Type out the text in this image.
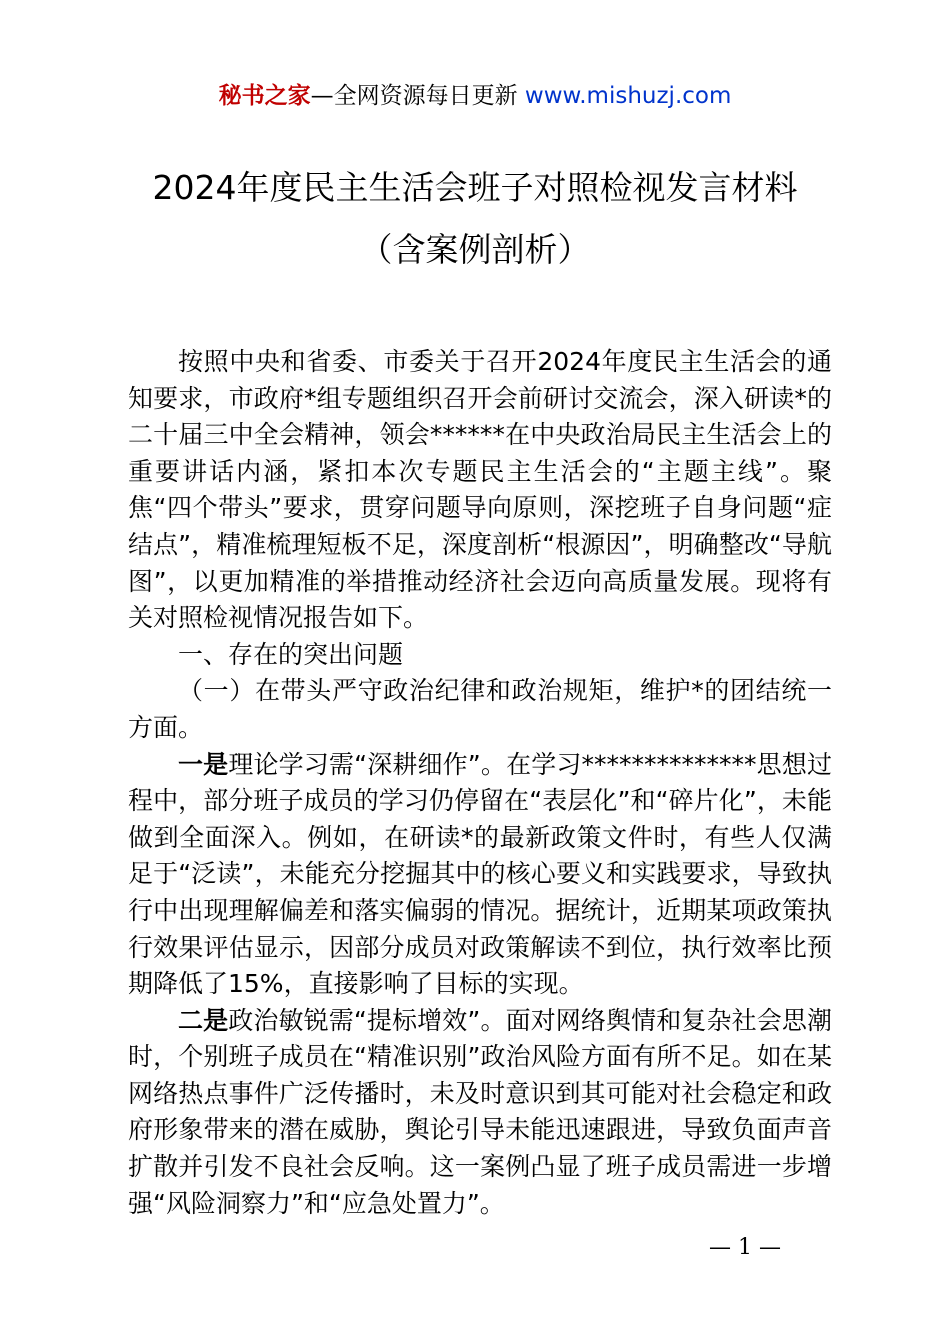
秘书之家—全网资源每日更新 www.mishuzj.com
2024年度民主生活会班子对照检视发言材料
（含案例剖析）

按照中央和省委、市委关于召开2024年度民主生活会的通知要求，市政府*组专题组织召开会前研讨交流会，深入研读*的二十届三中全会精神，领会******在中央政治局民主生活会上的重要讲话内涵，紧扣本次专题民主生活会的“主题主线”。聚焦“四个带头”要求，贯穿问题导向原则，深挖班子自身问题“症结点”，精准梳理短板不足，深度剖析“根源因”，明确整改“导航图”，以更加精准的举措推动经济社会迈向高质量发展。现将有关对照检视情况报告如下。

一、存在的突出问题

（一）在带头严守政治纪律和政治规矩，维护*的团结统一方面。

一是理论学习需“深耕细作”。在学习**************思想过程中，部分班子成员的学习仍停留在“表层化”和“碎片化”，未能做到全面深入。例如，在研读*的最新政策文件时，有些人仅满足于“泛读”，未能充分挖掘其中的核心要义和实践要求，导致执行中出现理解偏差和落实偏弱的情况。据统计，近期某项政策执行效果评估显示，因部分成员对政策解读不到位，执行效率比预期降低了15%，直接影响了目标的实现。

二是政治敏锐需“提标增效”。面对网络舆情和复杂社会思潮时，个别班子成员在“精准识别”政治风险方面有所不足。如在某网络热点事件广泛传播时，未及时意识到其可能对社会稳定和政府形象带来的潜在威胁，舆论引导未能迅速跟进，导致负面声音扩散并引发不良社会反响。这一案例凸显了班子成员需进一步增强“风险洞察力”和“应急处置力”。

— 1 —
